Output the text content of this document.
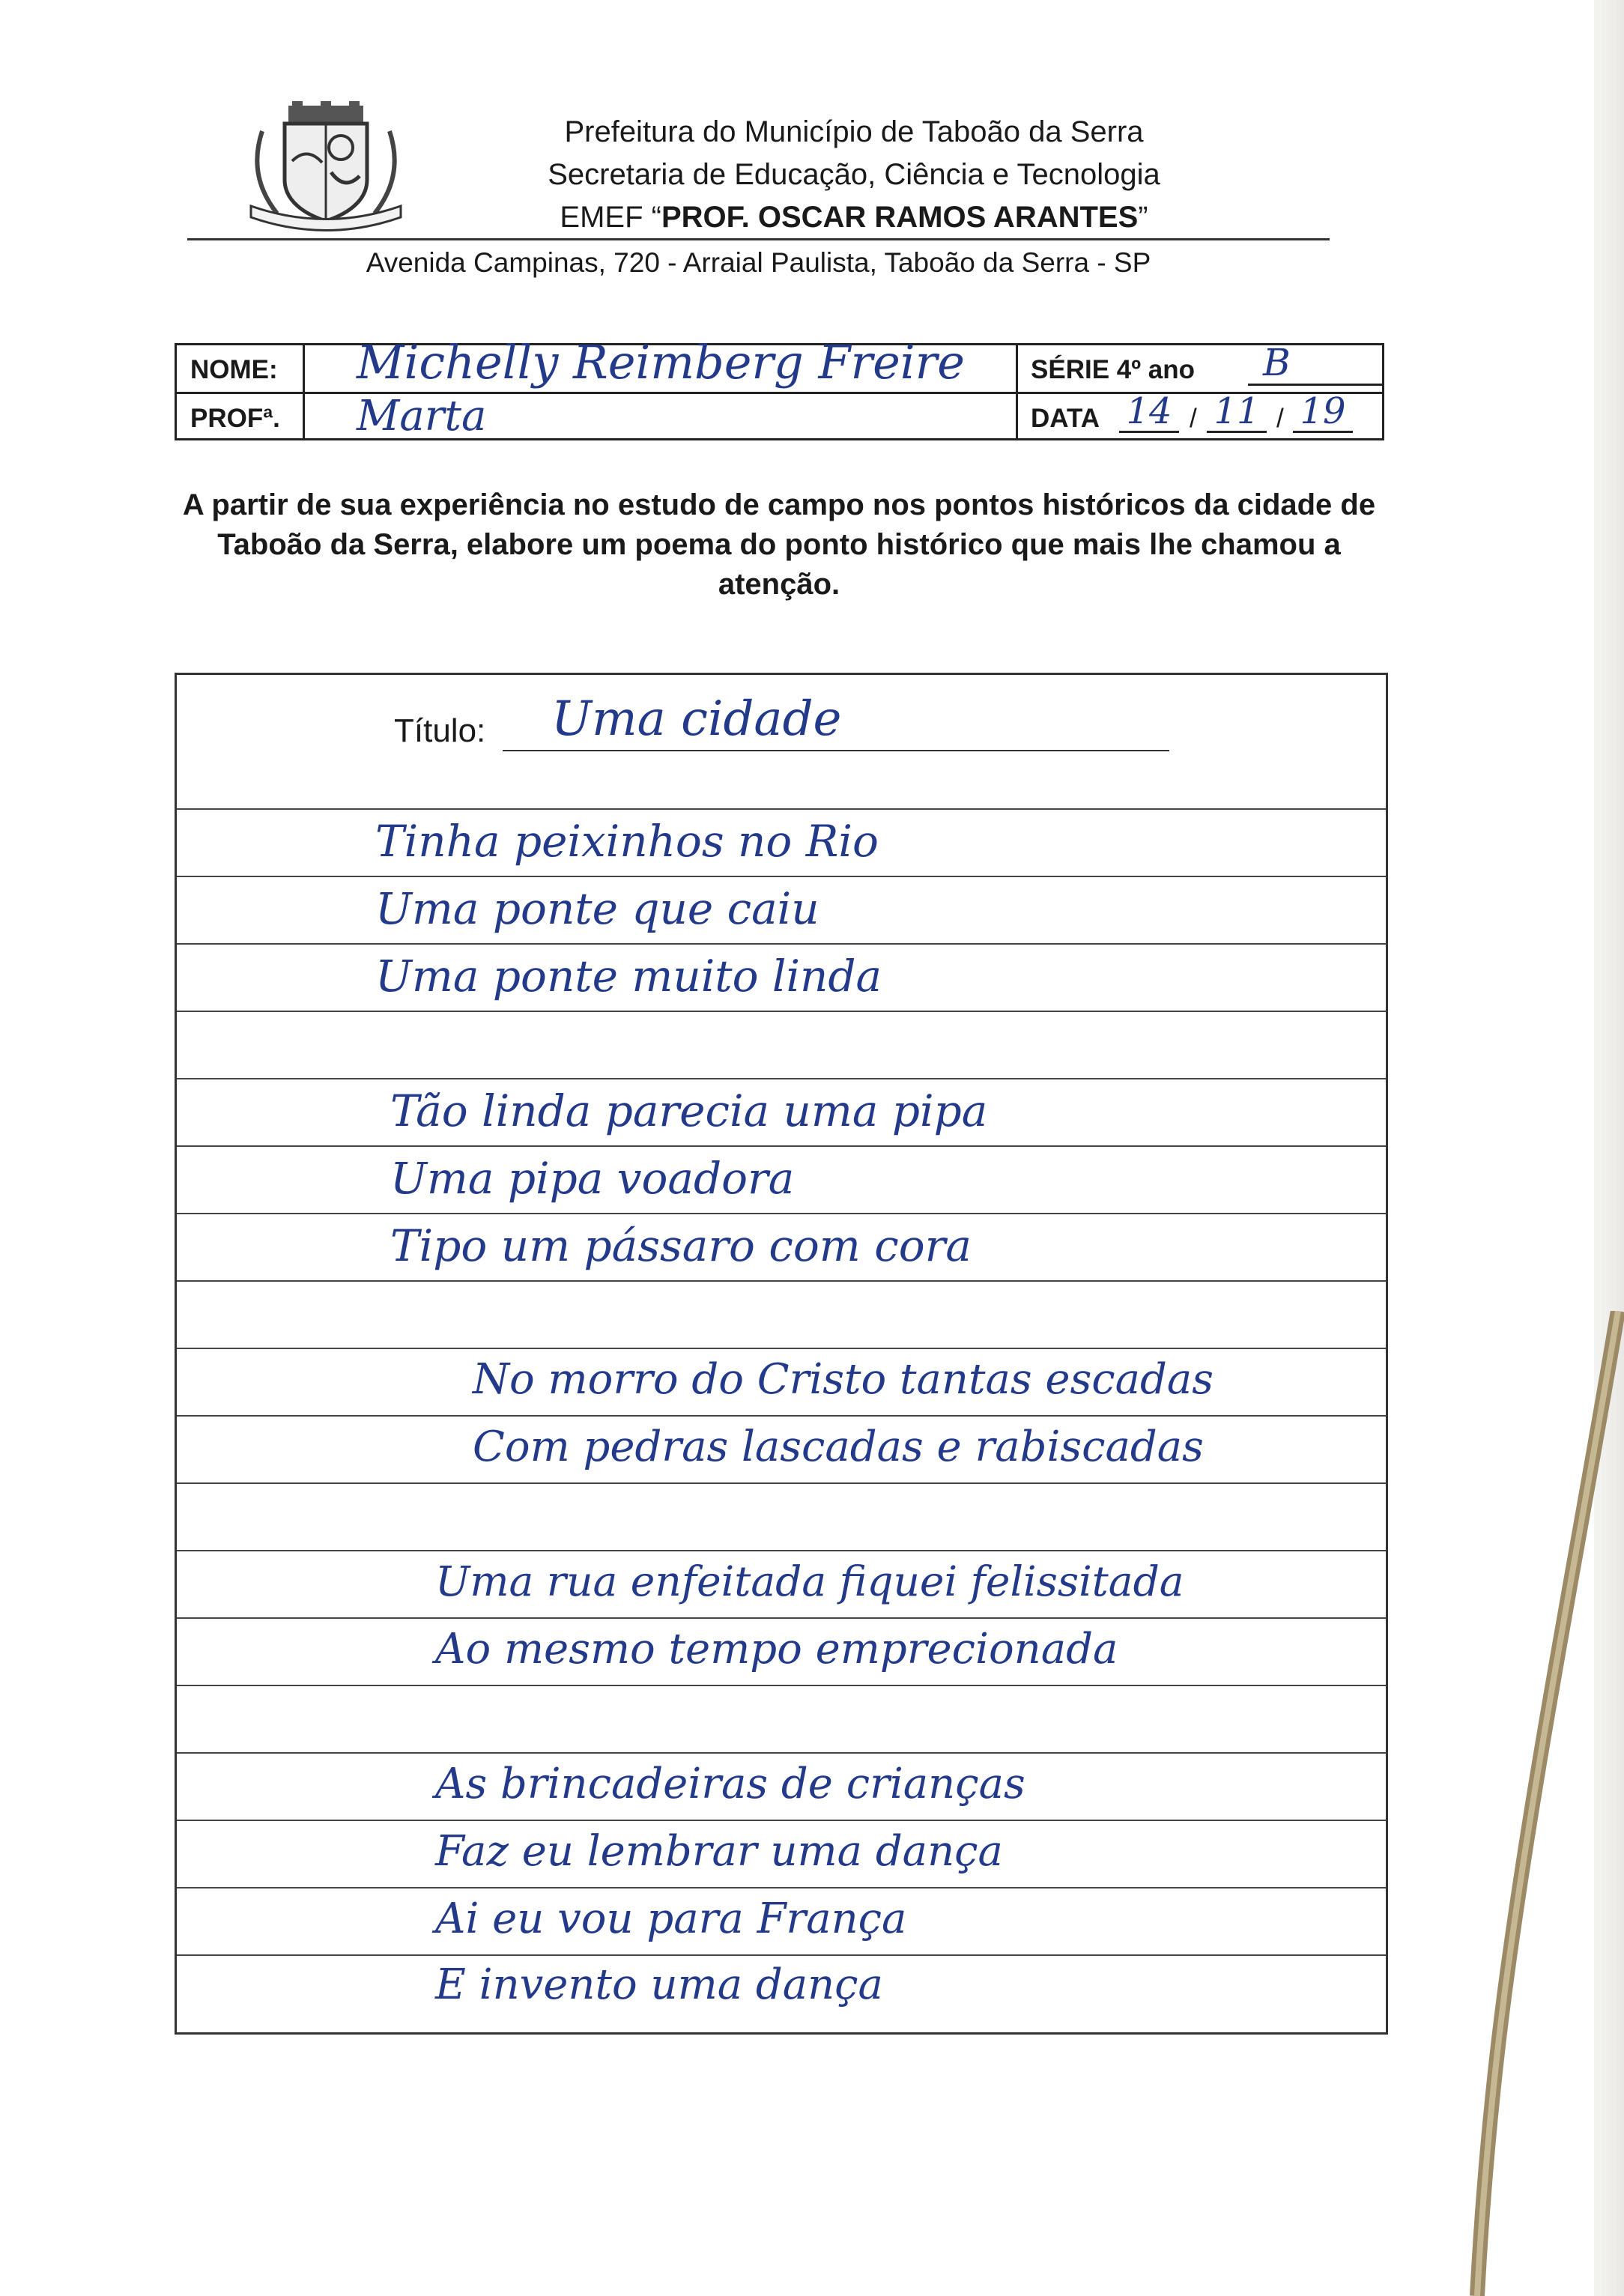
Prefeitura do Município de Taboão da Serra
Secretaria de Educação, Ciência e Tecnologia
EMEF “PROF. OSCAR RAMOS ARANTES”
Avenida Campinas, 720 - Arraial Paulista, Taboão da Serra - SP
NOME: Michelly Reimberg Freire	SÉRIE 4º ano	B
PROFª. Marta	DATA 14 / 11 / 19
A partir de sua experiência no estudo de campo nos pontos históricos da cidade de Taboão da Serra, elabore um poema do ponto histórico que mais lhe chamou a atenção.
Título: Uma cidade
Tinha peixinhos no Rio
Uma ponte que caiu
Uma ponte muito linda
Tão linda parecia uma pipa
Uma pipa voadora
Tipo um pássaro com cora
No morro do Cristo tantas escadas
Com pedras lascadas e rabiscadas
Uma rua enfeitada fiquei felissitada
Ao mesmo tempo emprecionada
As brincadeiras de crianças
Faz eu lembrar uma dança
Ai eu vou para França
E invento uma dança
